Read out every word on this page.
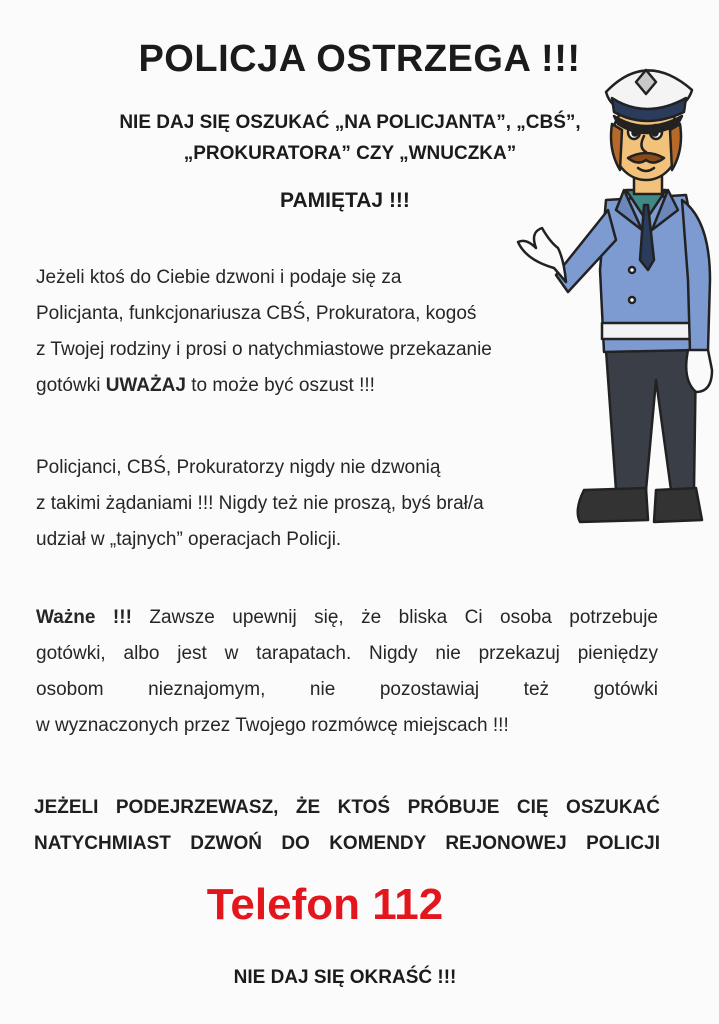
POLICJA OSTRZEGA !!!
NIE DAJ SIĘ OSZUKAĆ „NA POLICJANTA”, „CBŚ”,
„PROKURATORA” CZY „WNUCZKA”
PAMIĘTAJ !!!
Jeżeli ktoś do Ciebie dzwoni i podaje się za
Policjanta, funkcjonariusza CBŚ, Prokuratora, kogoś
z Twojej rodziny i prosi o natychmiastowe przekazanie
gotówki UWAŻAJ to może być oszust !!!
Policjanci, CBŚ, Prokuratorzy nigdy nie dzwonią
z takimi żądaniami !!! Nigdy też nie proszą, byś brał/a
udział w „tajnych” operacjach Policji.
Ważne !!! Zawsze upewnij się, że bliska Ci osoba potrzebuje
gotówki, albo jest w tarapatach. Nigdy nie przekazuj pieniędzy
osobom nieznajomym, nie pozostawiaj też gotówki
w wyznaczonych przez Twojego rozmówcę miejscach !!!
JEŻELI PODEJRZEWASZ, ŻE KTOŚ PRÓBUJE CIĘ OSZUKAĆ
NATYCHMIAST DZWOŃ DO KOMENDY REJONOWEJ POLICJI
Telefon 112
NIE DAJ SIĘ OKRAŚĆ !!!
